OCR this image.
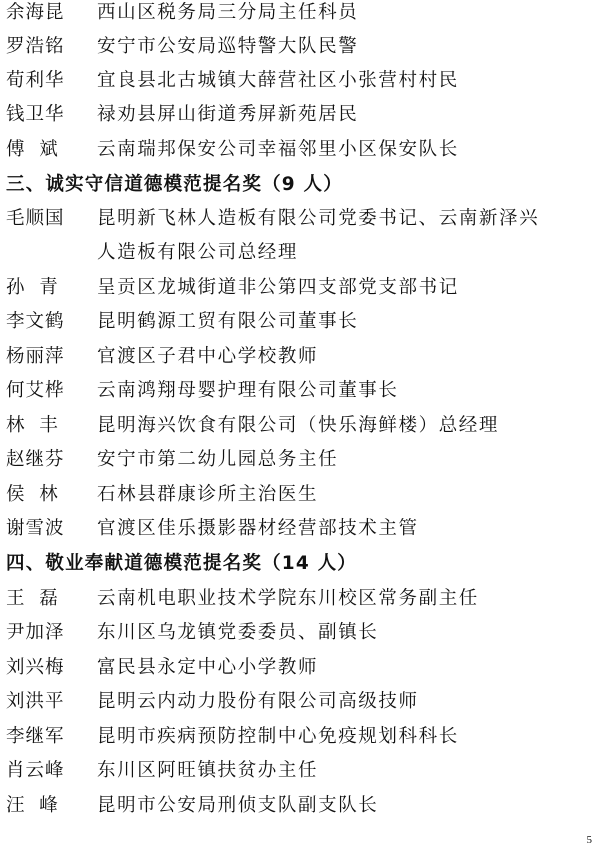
余海昆	西山区税务局三分局主任科员
罗浩铭	安宁市公安局巡特警大队民警
荀利华	宜良县北古城镇大薛营社区小张营村村民
钱卫华	禄劝县屏山街道秀屏新苑居民
傅  斌	云南瑞邦保安公司幸福邻里小区保安队长
三、诚实守信道德模范提名奖（9 人）
毛顺国	昆明新飞林人造板有限公司党委书记、云南新泽兴
人造板有限公司总经理
孙  青	呈贡区龙城街道非公第四支部党支部书记
李文鹤	昆明鹤源工贸有限公司董事长
杨丽萍	官渡区子君中心学校教师
何艾桦	云南鸿翔母婴护理有限公司董事长
林  丰	昆明海兴饮食有限公司（快乐海鲜楼）总经理
赵继芬	安宁市第二幼儿园总务主任
侯  林	石林县群康诊所主治医生
谢雪波	官渡区佳乐摄影器材经营部技术主管
四、敬业奉献道德模范提名奖（14 人）
王  磊	云南机电职业技术学院东川校区常务副主任
尹加泽	东川区乌龙镇党委委员、副镇长
刘兴梅	富民县永定中心小学教师
刘洪平	昆明云内动力股份有限公司高级技师
李继军	昆明市疾病预防控制中心免疫规划科科长
肖云峰	东川区阿旺镇扶贫办主任
汪  峰	昆明市公安局刑侦支队副支队长
5
